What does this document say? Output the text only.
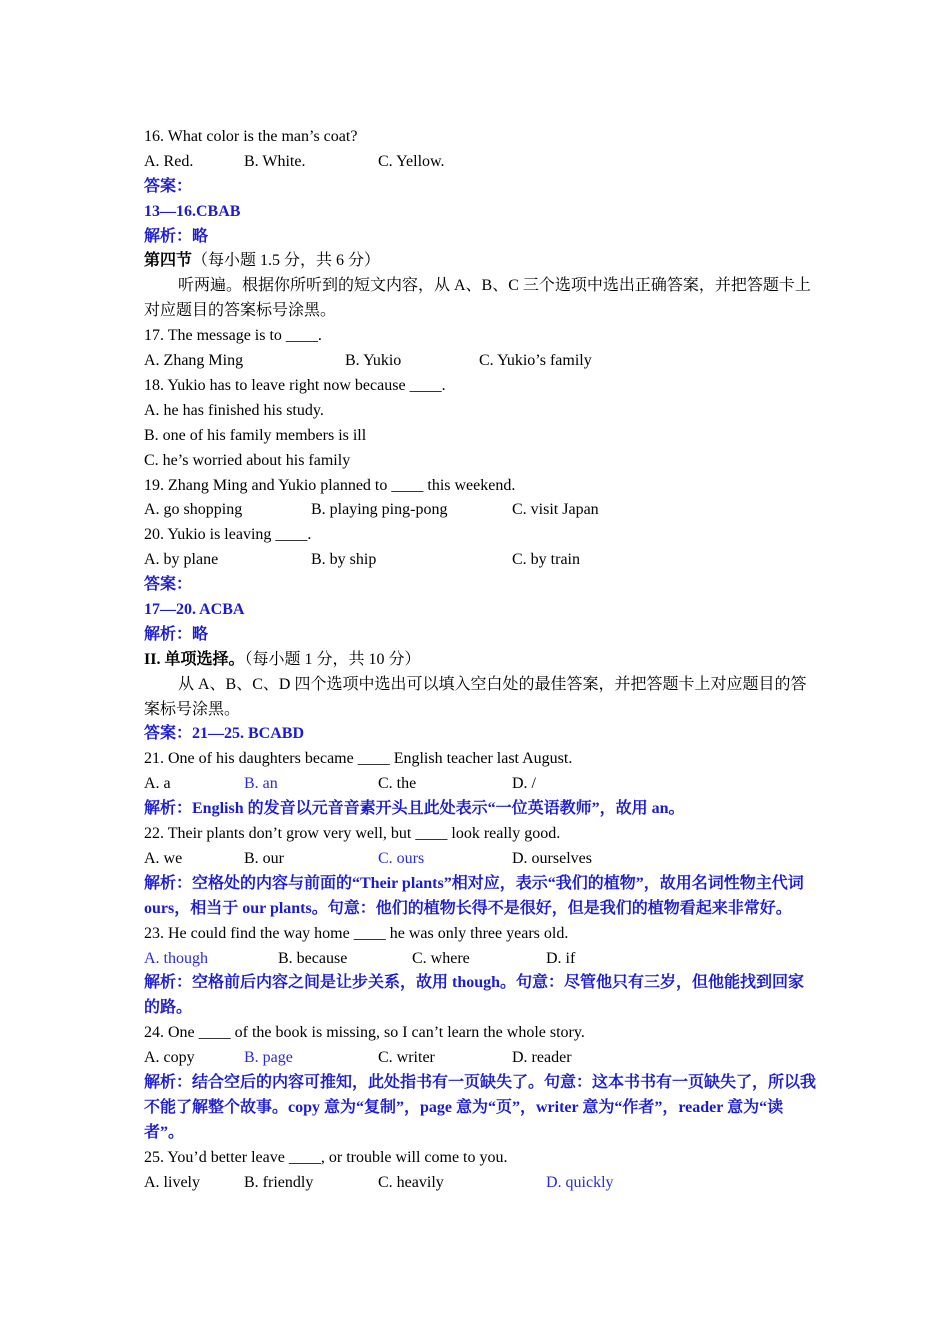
16. What color is the man’s coat?
A. Red.	B. White.	C. Yellow.
答案：
13—16.CBAB
解析：略
第四节（每小题 1.5 分，共 6 分）
听两遍。根据你所听到的短文内容，从 A、B、C 三个选项中选出正确答案，并把答题卡上对应题目的答案标号涂黑。
17. The message is to ____.
A. Zhang Ming	B. Yukio	C. Yukio’s family
18. Yukio has to leave right now because ____.
A. he has finished his study.
B. one of his family members is ill
C. he’s worried about his family
19. Zhang Ming and Yukio planned to ____ this weekend.
A. go shopping	B. playing ping-pong	C. visit Japan
20. Yukio is leaving ____.
A. by plane	B. by ship	C. by train
答案：
17—20. ACBA
解析：略
II. 单项选择。（每小题 1 分，共 10 分）
从 A、B、C、D 四个选项中选出可以填入空白处的最佳答案，并把答题卡上对应题目的答案标号涂黑。
答案：21—25. BCABD
21. One of his daughters became ____ English teacher last August.
A. a	B. an	C. the	D. /
解析：English 的发音以元音音素开头且此处表示“一位英语教师”，故用 an。
22. Their plants don’t grow very well, but ____ look really good.
A. we	B. our	C. ours	D. ourselves
解析：空格处的内容与前面的“Their plants”相对应，表示“我们的植物”，故用名词性物主代词 ours，相当于 our plants。句意：他们的植物长得不是很好，但是我们的植物看起来非常好。
23. He could find the way home ____ he was only three years old.
A. though	B. because	C. where	D. if
解析：空格前后内容之间是让步关系，故用 though。句意：尽管他只有三岁，但他能找到回家的路。
24. One ____ of the book is missing, so I can’t learn the whole story.
A. copy	B. page	C. writer	D. reader
解析：结合空后的内容可推知，此处指书有一页缺失了。句意：这本书书有一页缺失了，所以我不能了解整个故事。copy 意为“复制”，page 意为“页”，writer 意为“作者”，reader 意为“读者”。
25. You’d better leave ____, or trouble will come to you.
A. lively	B. friendly	C. heavily	D. quickly
